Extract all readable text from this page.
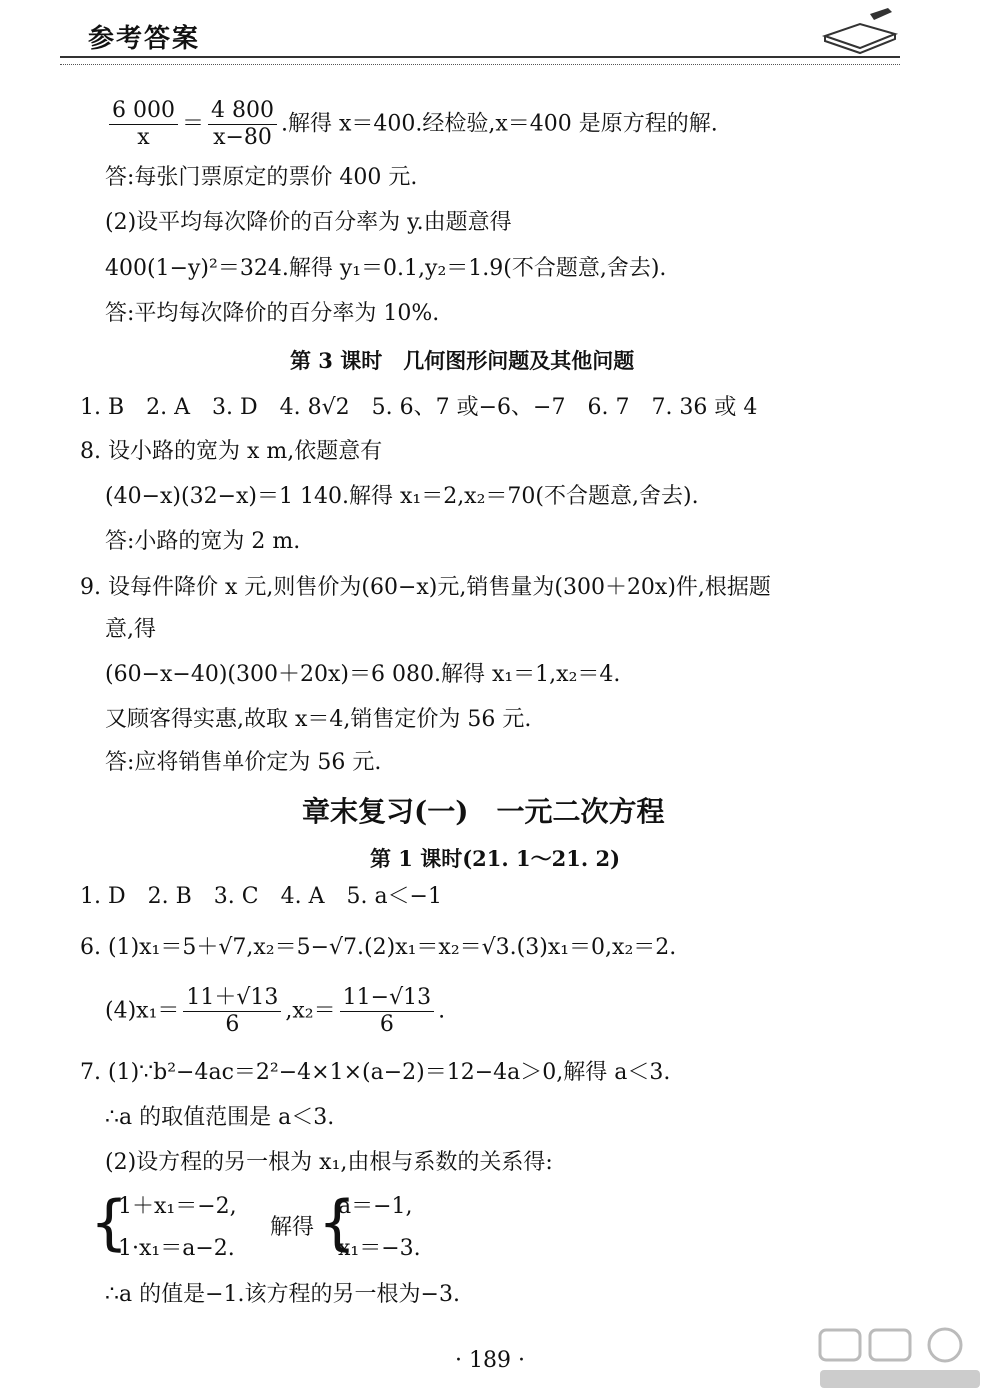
参考答案
$\frac{6 000}{x} = \frac{4 800}{x-80}$ .解得 x＝400.经检验,x＝400 是原方程的解.
答:每张门票原定的票价 400 元.
(2)设平均每次降价的百分率为 y.由题意得
400(1−y)²＝324.解得 y₁＝0.1,y₂＝1.9(不合题意,舍去).
答:平均每次降价的百分率为 10%.
第 3 课时　几何图形问题及其他问题
1. B　2. A　3. D　4. 8√2　5. 6、7 或−6、−7　6. 7　7. 36 或 4
8. 设小路的宽为 x m,依题意有
(40−x)(32−x)＝1 140.解得 x₁＝2,x₂＝70(不合题意,舍去).
答:小路的宽为 2 m.
9. 设每件降价 x 元,则售价为(60−x)元,销售量为(300＋20x)件,根据题
意,得
(60−x−40)(300＋20x)＝6 080.解得 x₁＝1,x₂＝4.
又顾客得实惠,故取 x＝4,销售定价为 56 元.
答:应将销售单价定为 56 元.
章末复习(一)　一元二次方程
第 1 课时(21. 1～21. 2)
1. D　2. B　3. C　4. A　5. a＜−1
6. (1)x₁＝5＋√7,x₂＝5−√7.(2)x₁＝x₂＝√3.(3)x₁＝0,x₂＝2.
$(4)x_1= \frac{11+√13}{6} ,x_2= \frac{11-√13}{6}$ .
7. (1)∵b²−4ac＝2²−4×1×(a−2)＝12−4a＞0,解得 a＜3.
∴a 的取值范围是 a＜3.
(2)设方程的另一根为 x₁,由根与系数的关系得:
{
1＋x₁＝−2,
1·x₁＝a−2.
解得 {
a＝−1,
x₁＝−3.
∴a 的值是−1.该方程的另一根为−3.
· 189 ·
